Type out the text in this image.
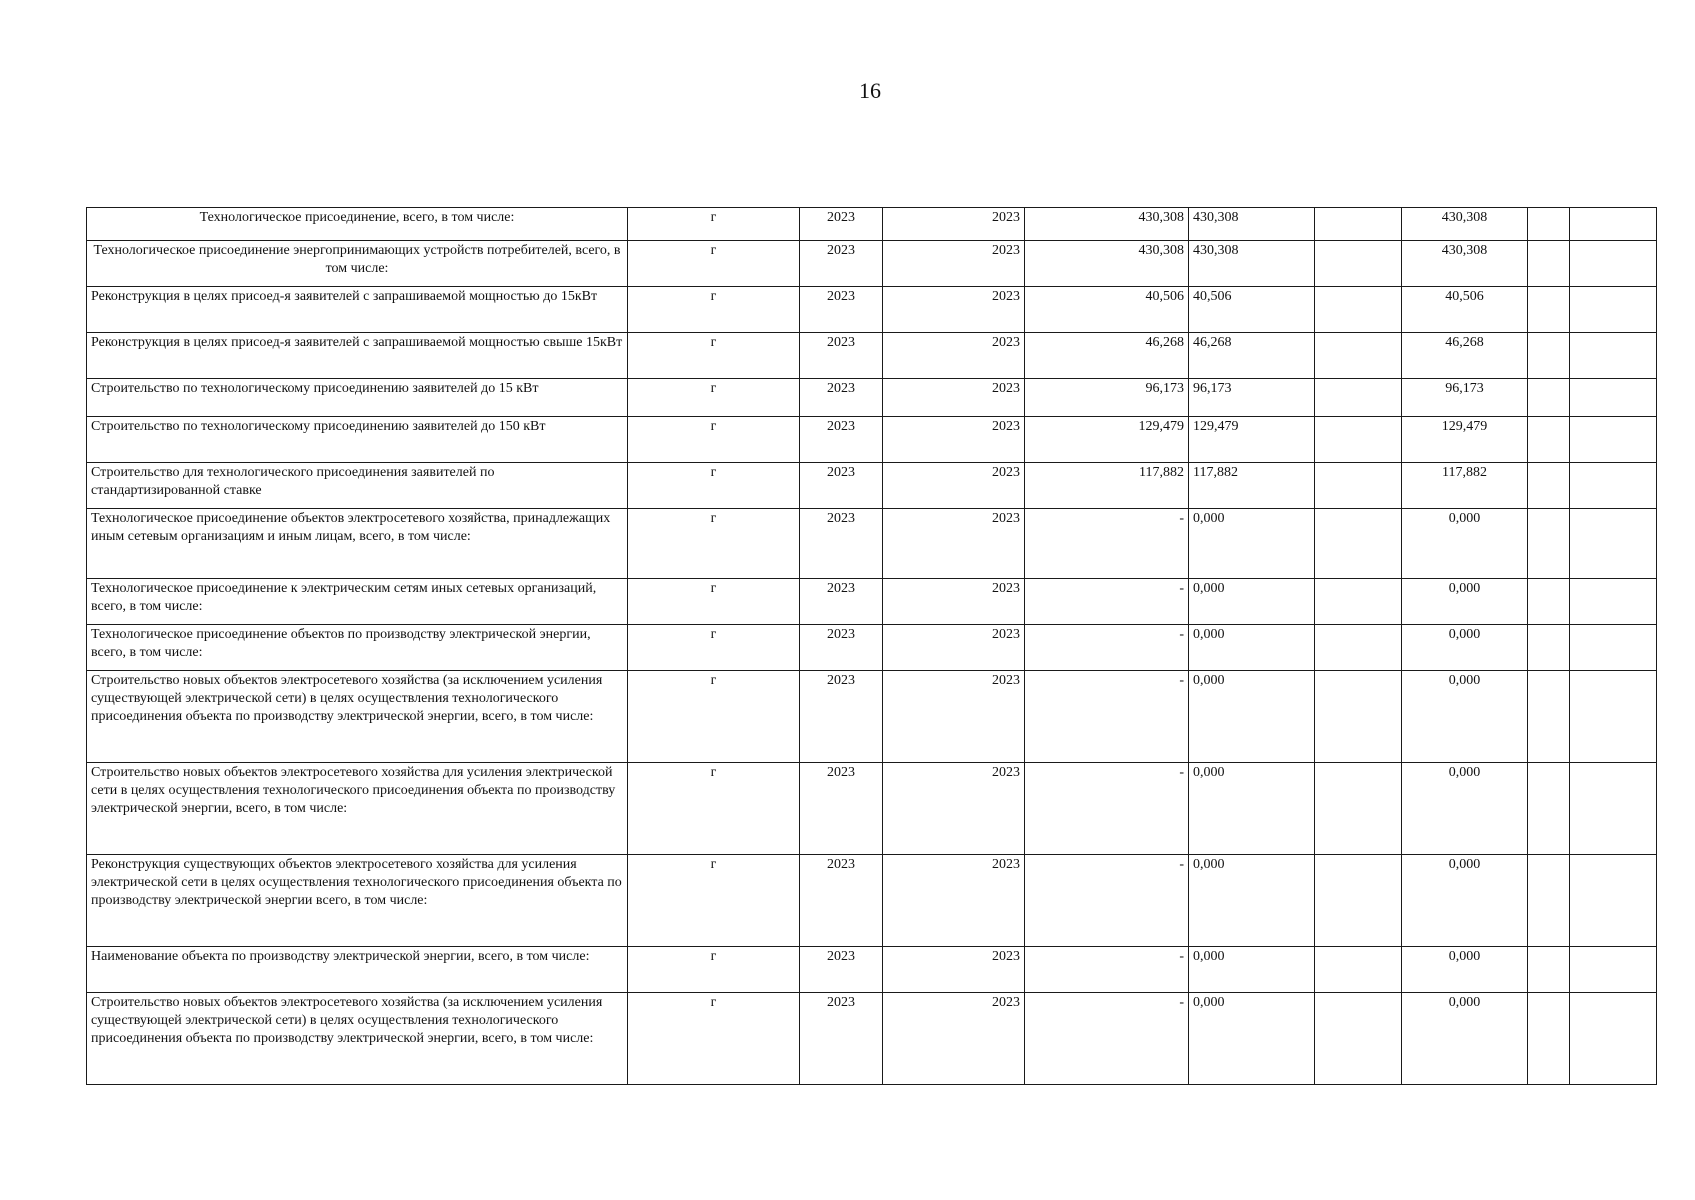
16
Технологическое присоединение, всего, в том числе:	г	2023	2023	430,308	430,308		430,308		
Технологическое присоединение энергопринимающих устройств потребителей, всего, в том числе:	г	2023	2023	430,308	430,308		430,308		
Реконструкция в целях присоед-я заявителей с запрашиваемой мощностью до 15кВт	г	2023	2023	40,506	40,506		40,506		
Реконструкция в целях присоед-я заявителей с запрашиваемой мощностью свыше 15кВт	г	2023	2023	46,268	46,268		46,268		
Строительство по технологическому присоединению заявителей до 15 кВт	г	2023	2023	96,173	96,173		96,173		
Строительство по технологическому присоединению заявителей до 150 кВт	г	2023	2023	129,479	129,479		129,479		
Строительство для технологического присоединения заявителей по стандартизированной ставке	г	2023	2023	117,882	117,882		117,882		
Технологическое присоединение объектов электросетевого хозяйства, принадлежащих иным сетевым организациям и иным лицам, всего, в том числе:	г	2023	2023	-	0,000		0,000		
Технологическое присоединение к электрическим сетям иных сетевых организаций, всего, в том числе:	г	2023	2023	-	0,000		0,000		
Технологическое присоединение объектов по производству электрической энергии, всего, в том числе:	г	2023	2023	-	0,000		0,000		
Строительство новых объектов электросетевого хозяйства (за исключением усиления существующей электрической сети) в целях осуществления технологического присоединения объекта по производству электрической энергии, всего, в том числе:	г	2023	2023	-	0,000		0,000		
Строительство новых объектов электросетевого хозяйства для усиления электрической сети в целях осуществления технологического присоединения объекта по производству электрической энергии, всего, в том числе:	г	2023	2023	-	0,000		0,000		
Реконструкция существующих объектов электросетевого хозяйства для усиления электрической сети в целях осуществления технологического присоединения объекта по производству электрической энергии всего, в том числе:	г	2023	2023	-	0,000		0,000		
Наименование объекта по производству электрической энергии, всего, в том числе:	г	2023	2023	-	0,000		0,000		
Строительство новых объектов электросетевого хозяйства (за исключением усиления существующей электрической сети) в целях осуществления технологического присоединения объекта по производству электрической энергии, всего, в том числе:	г	2023	2023	-	0,000		0,000		
